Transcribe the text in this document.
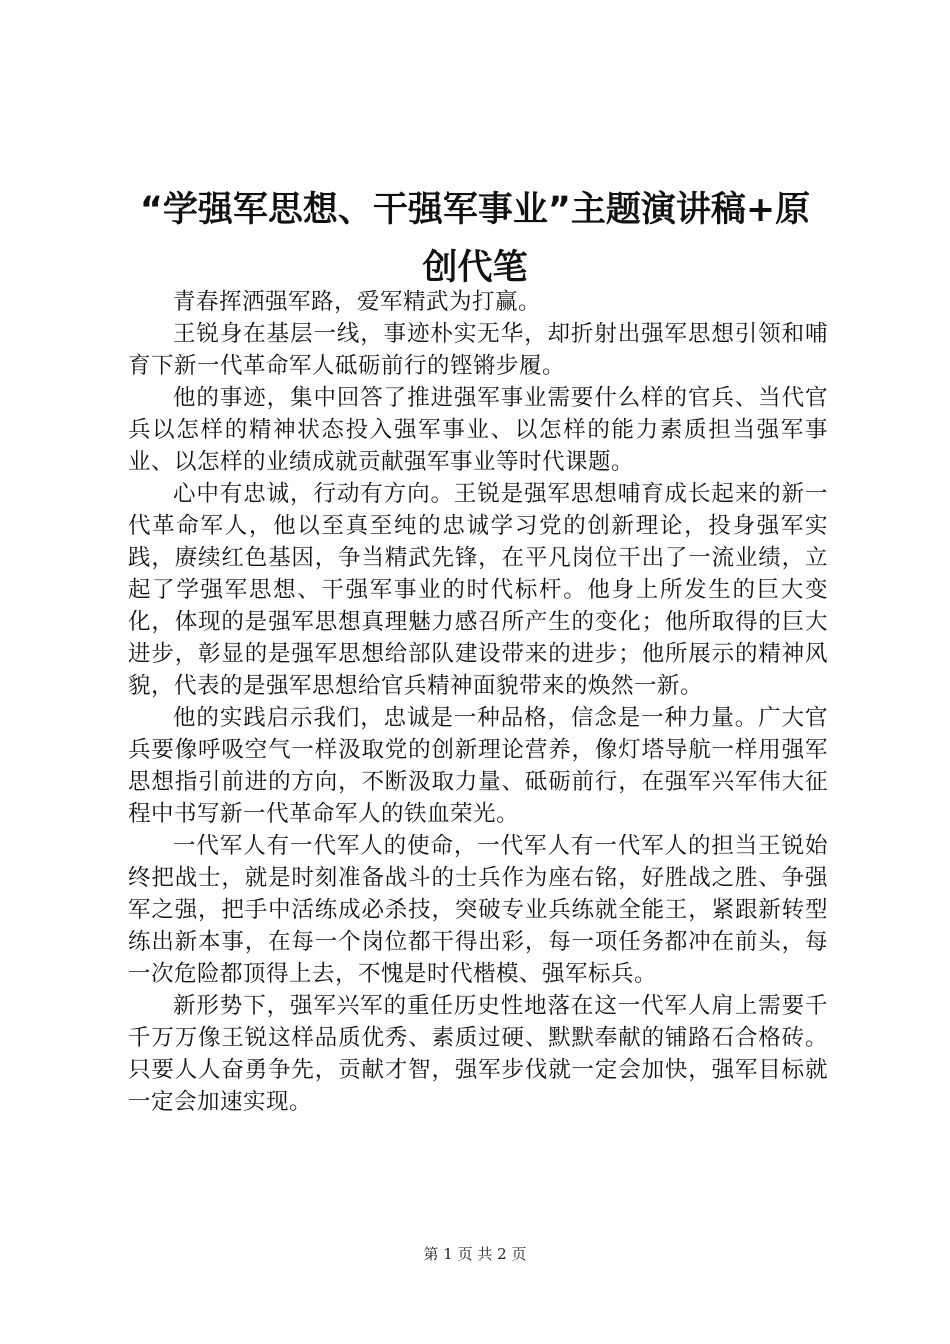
“学强军思想、干强军事业”主题演讲稿+原
创代笔

青春挥洒强军路，爱军精武为打赢。

王锐身在基层一线，事迹朴实无华，却折射出强军思想引领和哺育下新一代革命军人砥砺前行的铿锵步履。

他的事迹，集中回答了推进强军事业需要什么样的官兵、当代官兵以怎样的精神状态投入强军事业、以怎样的能力素质担当强军事业、以怎样的业绩成就贡献强军事业等时代课题。

心中有忠诚，行动有方向。王锐是强军思想哺育成长起来的新一代革命军人，他以至真至纯的忠诚学习党的创新理论，投身强军实践，赓续红色基因，争当精武先锋，在平凡岗位干出了一流业绩，立起了学强军思想、干强军事业的时代标杆。他身上所发生的巨大变化，体现的是强军思想真理魅力感召所产生的变化；他所取得的巨大进步，彰显的是强军思想给部队建设带来的进步；他所展示的精神风貌，代表的是强军思想给官兵精神面貌带来的焕然一新。

他的实践启示我们，忠诚是一种品格，信念是一种力量。广大官兵要像呼吸空气一样汲取党的创新理论营养，像灯塔导航一样用强军思想指引前进的方向，不断汲取力量、砥砺前行，在强军兴军伟大征程中书写新一代革命军人的铁血荣光。

一代军人有一代军人的使命，一代军人有一代军人的担当王锐始终把战士，就是时刻准备战斗的士兵作为座右铭，好胜战之胜、争强军之强，把手中活练成必杀技，突破专业兵练就全能王，紧跟新转型练出新本事，在每一个岗位都干得出彩，每一项任务都冲在前头，每一次危险都顶得上去，不愧是时代楷模、强军标兵。

新形势下，强军兴军的重任历史性地落在这一代军人肩上需要千千万万像王锐这样品质优秀、素质过硬、默默奉献的铺路石合格砖。只要人人奋勇争先，贡献才智，强军步伐就一定会加快，强军目标就一定会加速实现。

第 1 页 共 2 页
